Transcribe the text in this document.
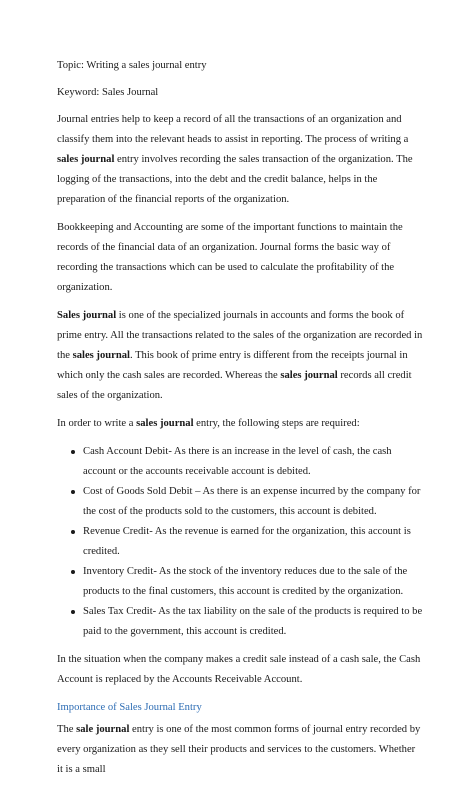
Topic: Writing a sales journal entry

Keyword: Sales Journal

Journal entries help to keep a record of all the transactions of an organization and classify them into the relevant heads to assist in reporting. The process of writing a sales journal entry involves recording the sales transaction of the organization. The logging of the transactions, into the debt and the credit balance, helps in the preparation of the financial reports of the organization.

Bookkeeping and Accounting are some of the important functions to maintain the records of the financial data of an organization. Journal forms the basic way of recording the transactions which can be used to calculate the profitability of the organization.

Sales journal is one of the specialized journals in accounts and forms the book of prime entry. All the transactions related to the sales of the organization are recorded in the sales journal. This book of prime entry is different from the receipts journal in which only the cash sales are recorded. Whereas the sales journal records all credit sales of the organization.

In order to write a sales journal entry, the following steps are required:

Cash Account Debit- As there is an increase in the level of cash, the cash account or the accounts receivable account is debited.
Cost of Goods Sold Debit – As there is an expense incurred by the company for the cost of the products sold to the customers, this account is debited.
Revenue Credit- As the revenue is earned for the organization, this account is credited.
Inventory Credit- As the stock of the inventory reduces due to the sale of the products to the final customers, this account is credited by the organization.
Sales Tax Credit- As the tax liability on the sale of the products is required to be paid to the government, this account is credited.

In the situation when the company makes a credit sale instead of a cash sale, the Cash Account is replaced by the Accounts Receivable Account.

Importance of Sales Journal Entry

The sale journal entry is one of the most common forms of journal entry recorded by every organization as they sell their products and services to the customers. Whether it is a small
